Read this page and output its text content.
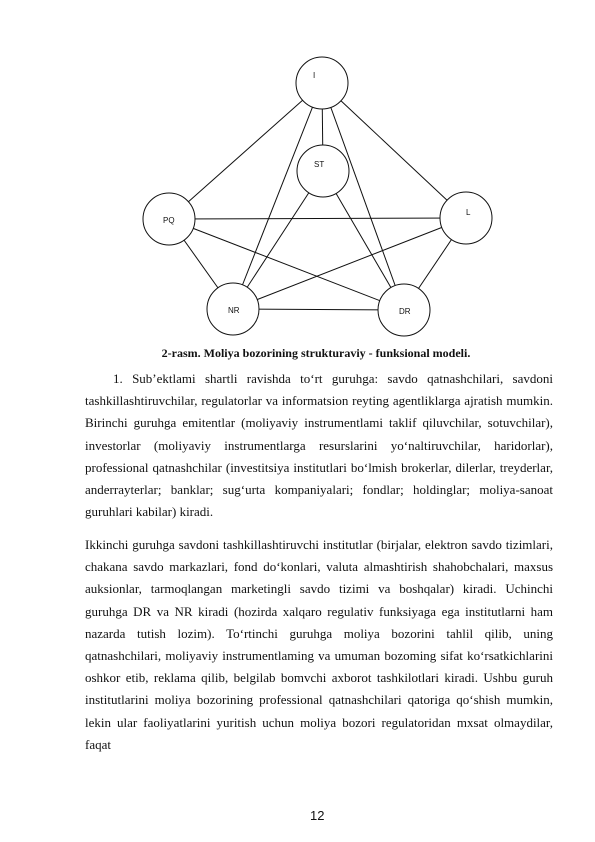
I
ST
PQ
L
NR	DR
2-rasm. Moliya bozorining strukturaviy - funksional modeli.

1. Sub’ektlami shartli ravishda to‘rt guruhga: savdo qatnashchilari, savdoni tashkillashtiruvchilar, regulatorlar va informatsion reyting agentliklarga ajratish mumkin. Birinchi guruhga emitentlar (moliyaviy instrumentlami taklif qiluvchilar, sotuvchilar), investorlar (moliyaviy instrumentlarga resurslarini yo‘naltiruvchilar, haridorlar), professional qatnashchilar (investitsiya institutlari bo‘lmish brokerlar, dilerlar, treyderlar, anderrayterlar; banklar; sug‘urta kompaniyalari; fondlar; holdinglar; moliya-sanoat guruhlari kabilar) kiradi.

Ikkinchi guruhga savdoni tashkillashtiruvchi institutlar (birjalar, elektron savdo tizimlari, chakana savdo markazlari, fond do‘konlari, valuta almashtirish shahobchalari, maxsus auksionlar, tarmoqlangan marketingli savdo tizimi va boshqalar) kiradi. Uchinchi guruhga DR va NR kiradi (hozirda xalqaro regulativ funksiyaga ega institutlarni ham nazarda tutish lozim). To‘rtinchi guruhga moliya bozorini tahlil qilib, uning qatnashchilari, moliyaviy instrumentlaming va umuman bozoming sifat ko‘rsatkichlarini oshkor etib, reklama qilib, belgilab bomvchi axborot tashkilotlari kiradi. Ushbu guruh institutlarini moliya bozorining professional qatnashchilari qatoriga qo‘shish mumkin, lekin ular faoliyatlarini yuritish uchun moliya bozori regulatoridan mxsat olmaydilar, faqat

12
